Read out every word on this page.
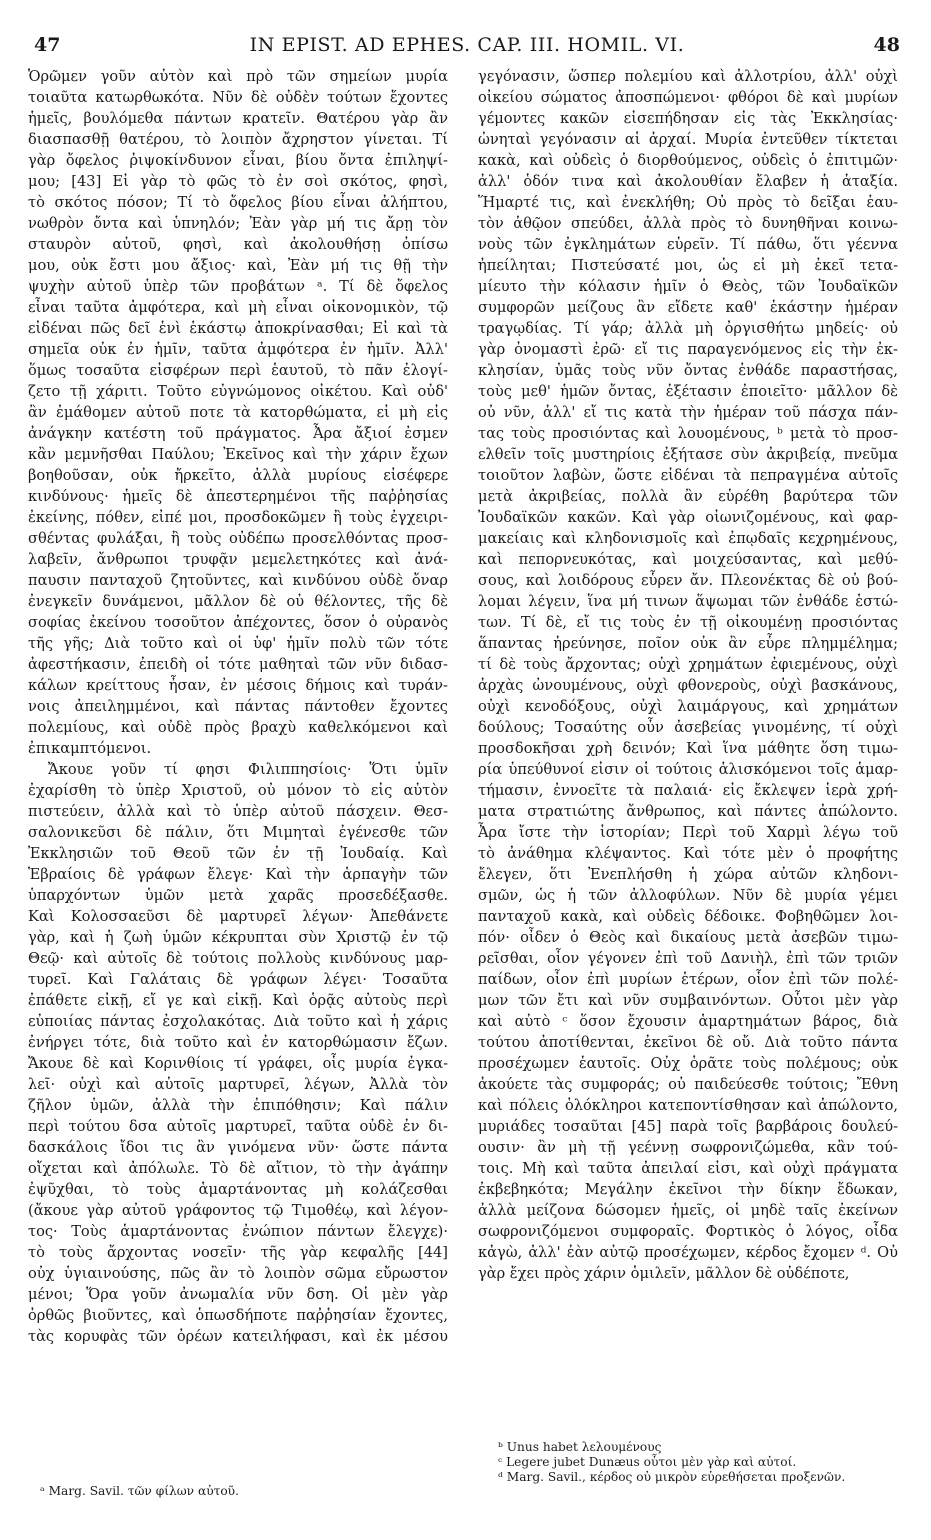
47	IN EPIST. AD EPHES. CAP. III. HOMIL. VI.	48
Ὁρῶμεν γοῦν αὐτὸν καὶ πρὸ τῶν σημείων μυρία
τοιαῦτα κατωρθωκότα. Νῦν δὲ οὐδὲν τούτων ἔχοντες
ἡμεῖς, βουλόμεθα πάντων κρατεῖν. Θατέρου γὰρ ἂν
διασπασθῇ θατέρου, τὸ λοιπὸν ἄχρηστον γίνεται. Τί
γὰρ ὄφελος ῥιψοκίνδυνον εἶναι, βίου ὄντα ἐπιληψί-
μου; [43] Εἰ γὰρ τὸ φῶς τὸ ἐν σοὶ σκότος, φησὶ,
τὸ σκότος πόσον; Τί τὸ ὄφελος βίου εἶναι ἀλήπτου,
νωθρὸν ὄντα καὶ ὑπνηλόν; Ἐὰν γὰρ μή τις ἄρῃ τὸν
σταυρὸν αὐτοῦ, φησὶ, καὶ ἀκολουθήσῃ ὀπίσω
μου, οὐκ ἔστι μου ἄξιος· καὶ, Ἐὰν μή τις θῇ τὴν
ψυχὴν αὐτοῦ ὑπὲρ τῶν προβάτων ᵃ. Τί δὲ ὄφελος
εἶναι ταῦτα ἀμφότερα, καὶ μὴ εἶναι οἰκονομικὸν, τῷ
εἰδέναι πῶς δεῖ ἑνὶ ἑκάστῳ ἀποκρίνασθαι; Εἰ καὶ τὰ
σημεῖα οὐκ ἐν ἡμῖν, ταῦτα ἀμφότερα ἐν ἡμῖν. Ἀλλ'
ὅμως τοσαῦτα εἰσφέρων περὶ ἑαυτοῦ, τὸ πᾶν ἐλογί-
ζετο τῇ χάριτι. Τοῦτο εὐγνώμονος οἰκέτου. Καὶ οὐδ'
ἂν ἐμάθομεν αὐτοῦ ποτε τὰ κατορθώματα, εἰ μὴ εἰς
ἀνάγκην κατέστη τοῦ πράγματος. Ἆρα ἄξιοί ἐσμεν
κἂν μεμνῆσθαι Παύλου; Ἐκεῖνος καὶ τὴν χάριν ἔχων
βοηθοῦσαν, οὐκ ἤρκεῖτο, ἀλλὰ μυρίους εἰσέφερε
κινδύνους· ἡμεῖς δὲ ἀπεστερημένοι τῆς παῤῥησίας
ἐκείνης, πόθεν, εἰπέ μοι, προσδοκῶμεν ἢ τοὺς ἐγχειρι-
σθέντας φυλάξαι, ἢ τοὺς οὐδέπω προσελθόντας προσ-
λαβεῖν, ἄνθρωποι τρυφᾷν μεμελετηκότες καὶ ἀνά-
παυσιν πανταχοῦ ζητοῦντες, καὶ κινδύνου οὐδὲ ὄναρ
ἐνεγκεῖν δυνάμενοι, μᾶλλον δὲ οὐ θέλοντες, τῆς δὲ
σοφίας ἐκείνου τοσοῦτον ἀπέχοντες, ὅσον ὁ οὐρανὸς
τῆς γῆς; Διὰ τοῦτο καὶ οἱ ὑφ' ἡμῖν πολὺ τῶν τότε
ἀφεστήκασιν, ἐπειδὴ οἱ τότε μαθηταὶ τῶν νῦν διδασ-
κάλων κρείττους ἦσαν, ἐν μέσοις δήμοις καὶ τυράν-
νοις ἀπειλημμένοι, καὶ πάντας πάντοθεν ἔχοντες
πολεμίους, καὶ οὐδὲ πρὸς βραχὺ καθελκόμενοι καὶ
ἐπικαμπτόμενοι.
Ἄκουε γοῦν τί φησι Φιλιππησίοις· Ὅτι ὑμῖν
ἐχαρίσθη τὸ ὑπὲρ Χριστοῦ, οὐ μόνον τὸ εἰς αὐτὸν
πιστεύειν, ἀλλὰ καὶ τὸ ὑπὲρ αὐτοῦ πάσχειν. Θεσ-
σαλονικεῦσι δὲ πάλιν, ὅτι Μιμηταὶ ἐγένεσθε τῶν
Ἐκκλησιῶν τοῦ Θεοῦ τῶν ἐν τῇ Ἰουδαίᾳ. Καὶ
Ἑβραίοις δὲ γράφων ἔλεγε· Καὶ τὴν ἁρπαγὴν τῶν
ὑπαρχόντων ὑμῶν μετὰ χαρᾶς προσεδέξασθε.
Καὶ Κολοσσαεῦσι δὲ μαρτυρεῖ λέγων· Ἀπεθάνετε
γὰρ, καὶ ἡ ζωὴ ὑμῶν κέκρυπται σὺν Χριστῷ ἐν τῷ
Θεῷ· καὶ αὐτοῖς δὲ τούτοις πολλοὺς κινδύνους μαρ-
τυρεῖ. Καὶ Γαλάταις δὲ γράφων λέγει· Τοσαῦτα
ἐπάθετε εἰκῇ, εἴ γε καὶ εἰκῇ. Καὶ ὁρᾷς αὐτοὺς περὶ
εὐποιίας πάντας ἐσχολακότας. Διὰ τοῦτο καὶ ἡ χάρις
ἐνήργει τότε, διὰ τοῦτο καὶ ἐν κατορθώμασιν ἔζων.
Ἄκουε δὲ καὶ Κορινθίοις τί γράφει, οἷς μυρία ἐγκα-
λεῖ· οὐχὶ καὶ αὐτοῖς μαρτυρεῖ, λέγων, Ἀλλὰ τὸν
ζῆλον ὑμῶν, ἀλλὰ τὴν ἐπιπόθησιν; Καὶ πάλιν
περὶ τούτου δσα αὐτοῖς μαρτυρεῖ, ταῦτα οὐδὲ ἐν δι-
δασκάλοις ἴδοι τις ἂν γινόμενα νῦν· ὥστε πάντα
οἴχεται καὶ ἀπόλωλε. Τὸ δὲ αἴτιον, τὸ τὴν ἀγάπην
ἐψῦχθαι, τὸ τοὺς ἁμαρτάνοντας μὴ κολάζεσθαι
(ἄκουε γὰρ αὐτοῦ γράφοντος τῷ Τιμοθέῳ, καὶ λέγον-
τος· Τοὺς ἁμαρτάνοντας ἐνώπιον πάντων ἔλεγχε)·
τὸ τοὺς ἄρχοντας νοσεῖν· τῆς γὰρ κεφαλῆς [44]
οὐχ ὑγιαινούσης, πῶς ἂν τὸ λοιπὸν σῶμα εὔρωστον
μένοι; Ὅρα γοῦν ἀνωμαλία νῦν δση. Οἱ μὲν γὰρ
ὀρθῶς βιοῦντες, καὶ ὁπωσδήποτε παῤῥησίαν ἔχοντες,
τὰς κορυφὰς τῶν ὀρέων κατειλήφασι, καὶ ἐκ μέσου
γεγόνασιν, ὥσπερ πολεμίου καὶ ἀλλοτρίου, ἀλλ' οὐχὶ
οἰκείου σώματος ἀποσπώμενοι· φθόροι δὲ καὶ μυρίων
γέμοντες κακῶν εἰσεπήδησαν εἰς τὰς Ἐκκλησίας·
ὠνηταὶ γεγόνασιν αἱ ἀρχαί. Μυρία ἐντεῦθεν τίκτεται
κακὰ, καὶ οὐδεὶς ὁ διορθούμενος, οὐδεὶς ὁ ἐπιτιμῶν·
ἀλλ' ὁδόν τινα καὶ ἀκολουθίαν ἔλαβεν ἡ ἀταξία.
Ἥμαρτέ τις, καὶ ἐνεκλήθη; Οὐ πρὸς τὸ δεῖξαι ἑαυ-
τὸν ἀθῷον σπεύδει, ἀλλὰ πρὸς τὸ δυνηθῆναι κοινω-
νοὺς τῶν ἐγκλημάτων εὑρεῖν. Τί πάθω, ὅτι γέεννα
ἠπείληται; Πιστεύσατέ μοι, ὡς εἰ μὴ ἐκεῖ τετα-
μίευτο τὴν κόλασιν ἡμῖν ὁ Θεὸς, τῶν Ἰουδαϊκῶν
συμφορῶν μείζους ἂν εἴδετε καθ' ἑκάστην ἡμέραν
τραγῳδίας. Τί γάρ; ἀλλὰ μὴ ὀργισθήτω μηδείς· οὐ
γὰρ ὀνομαστὶ ἐρῶ· εἴ τις παραγενόμενος εἰς τὴν ἐκ-
κλησίαν, ὑμᾶς τοὺς νῦν ὄντας ἐνθάδε παραστήσας,
τοὺς μεθ' ἡμῶν ὄντας, ἐξέτασιν ἐποιεῖτο· μᾶλλον δὲ
οὐ νῦν, ἀλλ' εἴ τις κατὰ τὴν ἡμέραν τοῦ πάσχα πάν-
τας τοὺς προσιόντας καὶ λουομένους, ᵇ μετὰ τὸ προσ-
ελθεῖν τοῖς μυστηρίοις ἐξήτασε σὺν ἀκριβείᾳ, πνεῦμα
τοιοῦτον λαβὼν, ὥστε εἰδέναι τὰ πεπραγμένα αὐτοῖς
μετὰ ἀκριβείας, πολλὰ ἂν εὑρέθη βαρύτερα τῶν
Ἰουδαϊκῶν κακῶν. Καὶ γὰρ οἰωνιζομένους, καὶ φαρ-
μακείαις καὶ κληδονισμοῖς καὶ ἐπῳδαῖς κεχρημένους,
καὶ πεπορνευκότας, καὶ μοιχεύσαντας, καὶ μεθύ-
σους, καὶ λοιδόρους εὗρεν ἄν. Πλεονέκτας δὲ οὐ βού-
λομαι λέγειν, ἵνα μή τινων ἅψωμαι τῶν ἐνθάδε ἑστώ-
των. Τί δὲ, εἴ τις τοὺς ἐν τῇ οἰκουμένῃ προσιόντας
ἅπαντας ἠρεύνησε, ποῖον οὐκ ἂν εὗρε πλημμέλημα;
τί δὲ τοὺς ἄρχοντας; οὐχὶ χρημάτων ἐφιεμένους, οὐχὶ
ἀρχὰς ὠνουμένους, οὐχὶ φθονεροὺς, οὐχὶ βασκάνους,
οὐχὶ κενοδόξους, οὐχὶ λαιμάργους, καὶ χρημάτων
δούλους; Τοσαύτης οὖν ἀσεβείας γινομένης, τί οὐχὶ
προσδοκῆσαι χρὴ δεινόν; Καὶ ἵνα μάθητε ὅση τιμω-
ρία ὑπεύθυνοί εἰσιν οἱ τούτοις ἁλισκόμενοι τοῖς ἁμαρ-
τήμασιν, ἐννοεῖτε τὰ παλαιά· εἰς ἔκλεψεν ἱερὰ χρή-
ματα στρατιώτης ἄνθρωπος, καὶ πάντες ἀπώλοντο.
Ἆρα ἴστε τὴν ἱστορίαν; Περὶ τοῦ Χαρμὶ λέγω τοῦ
τὸ ἀνάθημα κλέψαντος. Καὶ τότε μὲν ὁ προφήτης
ἔλεγεν, ὅτι Ἐνεπλήσθη ἡ χώρα αὐτῶν κληδονι-
σμῶν, ὡς ἡ τῶν ἀλλοφύλων. Νῦν δὲ μυρία γέμει
πανταχοῦ κακὰ, καὶ οὐδεὶς δέδοικε. Φοβηθῶμεν λοι-
πόν· οἶδεν ὁ Θεὸς καὶ δικαίους μετὰ ἀσεβῶν τιμω-
ρεῖσθαι, οἷον γέγονεν ἐπὶ τοῦ Δανιὴλ, ἐπὶ τῶν τριῶν
παίδων, οἷον ἐπὶ μυρίων ἑτέρων, οἷον ἐπὶ τῶν πολέ-
μων τῶν ἔτι καὶ νῦν συμβαινόντων. Οὗτοι μὲν γὰρ
καὶ αὐτὸ ᶜ ὅσον ἔχουσιν ἁμαρτημάτων βάρος, διὰ
τούτου ἀποτίθενται, ἐκεῖνοι δὲ οὔ. Διὰ τοῦτο πάντα
προσέχωμεν ἑαυτοῖς. Οὐχ ὁρᾶτε τοὺς πολέμους; οὐκ
ἀκούετε τὰς συμφοράς; οὐ παιδεύεσθε τούτοις; Ἔθνη
καὶ πόλεις ὁλόκληροι κατεποντίσθησαν καὶ ἀπώλοντο,
μυριάδες τοσαῦται [45] παρὰ τοῖς βαρβάροις δουλεύ-
ουσιν· ἂν μὴ τῇ γεέννῃ σωφρονιζώμεθα, κἂν τού-
τοις. Μὴ καὶ ταῦτα ἀπειλαί εἰσι, καὶ οὐχὶ πράγματα
ἐκβεβηκότα; Μεγάλην ἐκεῖνοι τὴν δίκην ἔδωκαν,
ἀλλὰ μείζονα δώσομεν ἡμεῖς, οἱ μηδὲ ταῖς ἐκείνων
σωφρονιζόμενοι συμφοραῖς. Φορτικὸς ὁ λόγος, οἶδα
κἀγὼ, ἀλλ' ἐὰν αὐτῷ προσέχωμεν, κέρδος ἔχομεν ᵈ. Οὐ
γὰρ ἔχει πρὸς χάριν ὁμιλεῖν, μᾶλλον δὲ οὐδέποτε,
ᵃ Marg. Savil. τῶν φίλων αὐτοῦ.
ᵇ Unus habet λελουμένους
ᶜ Legere jubet Dunæus οὗτοι μὲν γὰρ καὶ αὐτοί.
ᵈ Marg. Savil., κέρδος οὐ μικρὸν εὑρεθήσεται προξενῶν.
